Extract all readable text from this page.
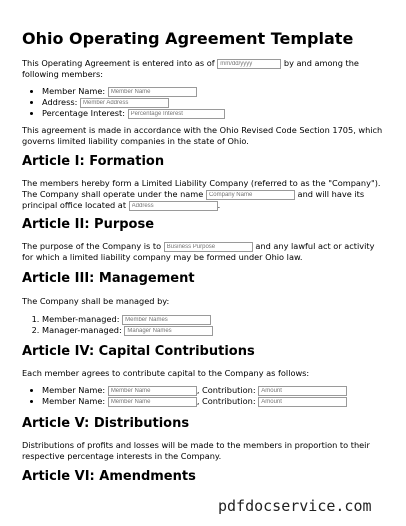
Ohio Operating Agreement Template

This Operating Agreement is entered into as of mm/dd/yyyy	by and among the following members:

• Member Name: Member Name
• Address: Member Address
• Percentage Interest: Percentage Interest

This agreement is made in accordance with the Ohio Revised Code Section 1705, which governs limited liability companies in the state of Ohio.

Article I: Formation

The members hereby form a Limited Liability Company (referred to as the "Company"). The Company shall operate under the name Company Name	and will have its principal office located at Address	.

Article II: Purpose

The purpose of the Company is to Business Purpose	and any lawful act or activity for which a limited liability company may be formed under Ohio law.

Article III: Management

The Company shall be managed by:

1. Member-managed: Member Names
2. Manager-managed: Manager Names
Article IV: Capital Contributions

Each member agrees to contribute capital to the Company as follows:

• Member Name: Member Name	, Contribution: Amount
• Member Name: Member Name	, Contribution: Amount
Article V: Distributions

Distributions of profits and losses will be made to the members in proportion to their respective percentage interests in the Company.

Article VI: Amendments
pdfdocservice.com
